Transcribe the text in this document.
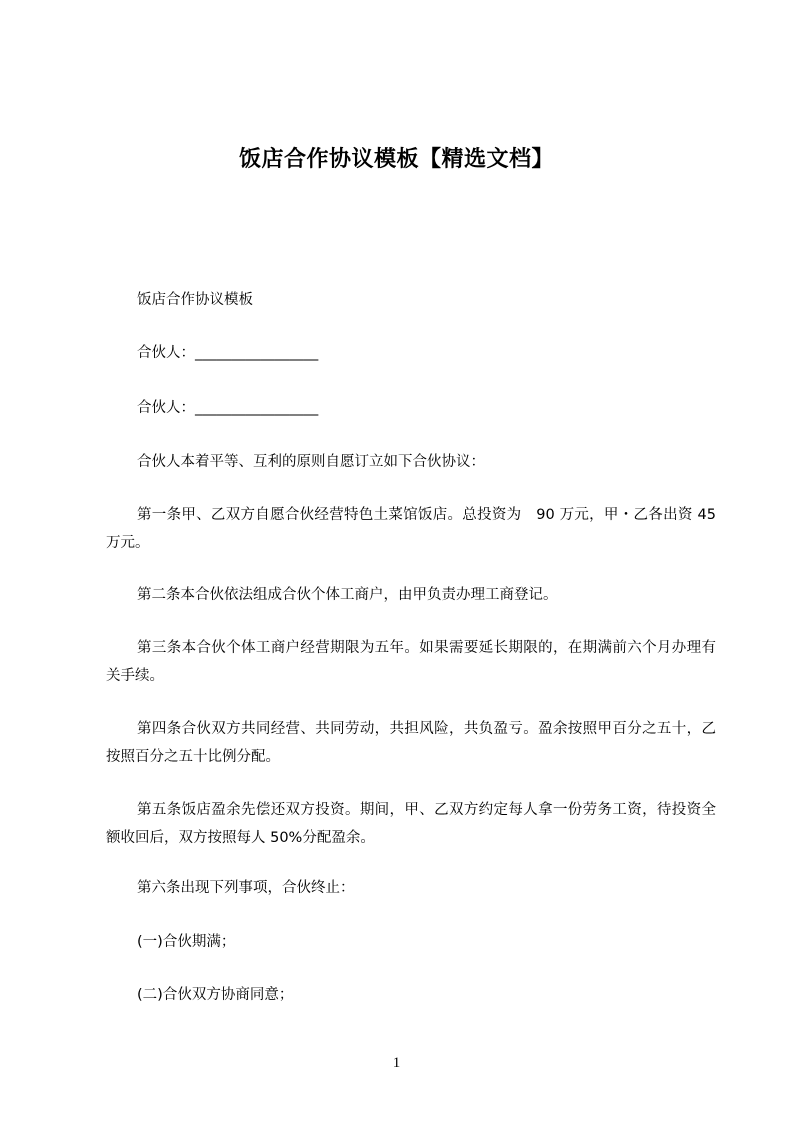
饭店合作协议模板【精选文档】

饭店合作协议模板

合伙人：_________________

合伙人：_________________

合伙人本着平等、互利的原则自愿订立如下合伙协议：

第一条甲、乙双方自愿合伙经营特色土菜馆饭店。总投资为　90 万元，甲・乙各出资 45 万元。

第二条本合伙依法组成合伙个体工商户，由甲负责办理工商登记。

第三条本合伙个体工商户经营期限为五年。如果需要延长期限的，在期满前六个月办理有关手续。

第四条合伙双方共同经营、共同劳动，共担风险，共负盈亏。盈余按照甲百分之五十，乙按照百分之五十比例分配。

第五条饭店盈余先偿还双方投资。期间，甲、乙双方约定每人拿一份劳务工资，待投资全额收回后，双方按照每人 50%分配盈余。

第六条出现下列事项，合伙终止：

(一)合伙期满；

(二)合伙双方协商同意；

1
